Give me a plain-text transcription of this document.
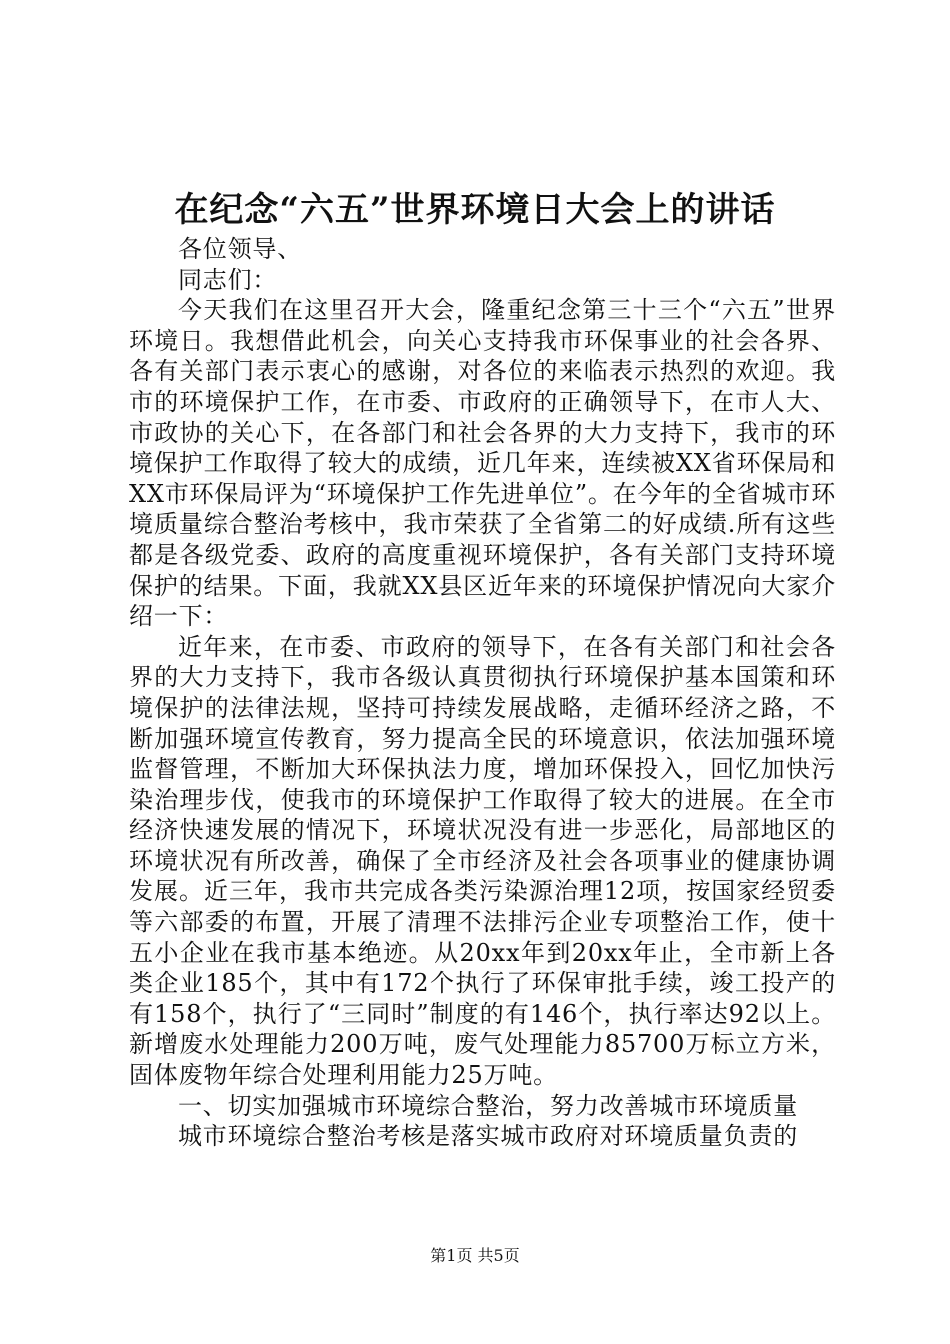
在纪念“六五”世界环境日大会上的讲话

各位领导、

同志们：

今天我们在这里召开大会，隆重纪念第三十三个“六五”世界环境日。我想借此机会，向关心支持我市环保事业的社会各界、各有关部门表示衷心的感谢，对各位的来临表示热烈的欢迎。我市的环境保护工作，在市委、市政府的正确领导下，在市人大、市政协的关心下，在各部门和社会各界的大力支持下，我市的环境保护工作取得了较大的成绩，近几年来，连续被XX省环保局和XX市环保局评为“环境保护工作先进单位”。在今年的全省城市环境质量综合整治考核中，我市荣获了全省第二的好成绩.所有这些都是各级党委、政府的高度重视环境保护，各有关部门支持环境保护的结果。下面，我就XX县区近年来的环境保护情况向大家介绍一下：

近年来，在市委、市政府的领导下，在各有关部门和社会各界的大力支持下，我市各级认真贯彻执行环境保护基本国策和环境保护的法律法规，坚持可持续发展战略，走循环经济之路，不断加强环境宣传教育，努力提高全民的环境意识，依法加强环境监督管理，不断加大环保执法力度，增加环保投入，回忆加快污染治理步伐，使我市的环境保护工作取得了较大的进展。在全市经济快速发展的情况下，环境状况没有进一步恶化，局部地区的环境状况有所改善，确保了全市经济及社会各项事业的健康协调发展。近三年，我市共完成各类污染源治理12项，按国家经贸委等六部委的布置，开展了清理不法排污企业专项整治工作，使十五小企业在我市基本绝迹。从20xx年到20xx年止，全市新上各类企业185个，其中有172个执行了环保审批手续，竣工投产的有158个，执行了“三同时”制度的有146个，执行率达92以上。新增废水处理能力200万吨，废气处理能力85700万标立方米，固体废物年综合处理利用能力25万吨。

一、切实加强城市环境综合整治，努力改善城市环境质量

城市环境综合整治考核是落实城市政府对环境质量负责的

第1页 共5页
